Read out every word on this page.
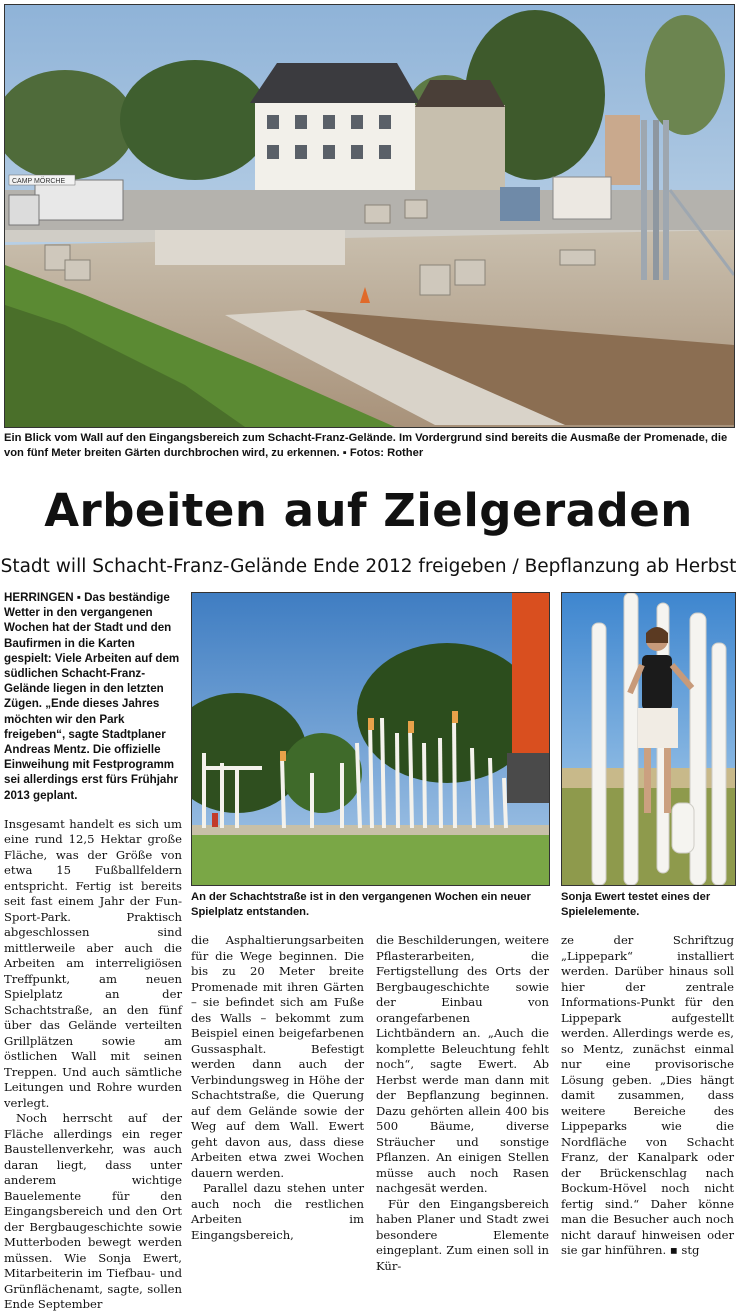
CAMP MÖRCHE
Ein Blick vom Wall auf den Eingangsbereich zum Schacht-Franz-Gelände. Im Vordergrund sind bereits die Ausmaße der Promenade, die von fünf Meter breiten Gärten durchbrochen wird, zu erkennen. ▪ Fotos: Rother
Arbeiten auf Zielgeraden
Stadt will Schacht-Franz-Gelände Ende 2012 freigeben / Bepflanzung ab Herbst

HERRINGEN ▪ Das beständige Wetter in den vergangenen Wochen hat der Stadt und den Baufirmen in die Karten gespielt: Viele Arbeiten auf dem südlichen Schacht-Franz-Gelände liegen in den letzten Zügen. „Ende dieses Jahres möchten wir den Park freigeben“, sagte Stadtplaner Andreas Mentz. Die offizielle Einweihung mit Festprogramm sei allerdings erst fürs Frühjahr 2013 geplant.

Insgesamt handelt es sich um eine rund 12,5 Hektar große Fläche, was der Größe von etwa 15 Fußballfeldern entspricht. Fertig ist bereits seit fast einem Jahr der Fun-Sport-Park. Praktisch abgeschlossen sind mittlerweile aber auch die Arbeiten am interreligiösen Treffpunkt, am neuen Spielplatz an der Schachtstraße, an den fünf über das Gelände verteilten Grillplätzen sowie am östlichen Wall mit seinen Treppen. Und auch sämtliche Leitungen und Rohre wurden verlegt.

Noch herrscht auf der Fläche allerdings ein reger Baustellenverkehr, was auch daran liegt, dass unter anderem wichtige Bauelemente für den Eingangsbereich und den Ort der Bergbaugeschichte sowie Mutterboden bewegt werden müssen. Wie Sonja Ewert, Mitarbeiterin im Tiefbau- und Grünflächenamt, sagte, sollen Ende September

An der Schachtstraße ist in den vergangenen Wochen ein neuer Spielplatz entstanden.
Sonja Ewert testet eines der Spielelemente.

die Asphaltierungsarbeiten für die Wege beginnen. Die bis zu 20 Meter breite Promenade mit ihren Gärten – sie befindet sich am Fuße des Walls – bekommt zum Beispiel einen beigefarbenen Gussasphalt. Befestigt werden dann auch der Verbindungsweg in Höhe der Schachtstraße, die Querung auf dem Gelände sowie der Weg auf dem Wall. Ewert geht davon aus, dass diese Arbeiten etwa zwei Wochen dauern werden.

Parallel dazu stehen unter auch noch die restlichen Arbeiten im Eingangsbereich,

die Beschilderungen, weitere Pflasterarbeiten, die Fertigstellung des Orts der Bergbaugeschichte sowie der Einbau von orangefarbenen Lichtbändern an. „Auch die komplette Beleuchtung fehlt noch“, sagte Ewert. Ab Herbst werde man dann mit der Bepflanzung beginnen. Dazu gehörten allein 400 bis 500 Bäume, diverse Sträucher und sonstige Pflanzen. An einigen Stellen müsse auch noch Rasen nachgesät werden.

Für den Eingangsbereich haben Planer und Stadt zwei besondere Elemente eingeplant. Zum einen soll in Kür-

ze der Schriftzug „Lippepark“ installiert werden. Darüber hinaus soll hier der zentrale Informations-Punkt für den Lippepark aufgestellt werden. Allerdings werde es, so Mentz, zunächst einmal nur eine provisorische Lösung geben. „Dies hängt damit zusammen, dass weitere Bereiche des Lippeparks wie die Nordfläche von Schacht Franz, der Kanalpark oder der Brückenschlag nach Bockum-Hövel noch nicht fertig sind.“ Daher könne man die Besucher auch noch nicht darauf hinweisen oder sie gar hinführen. ▪ stg
